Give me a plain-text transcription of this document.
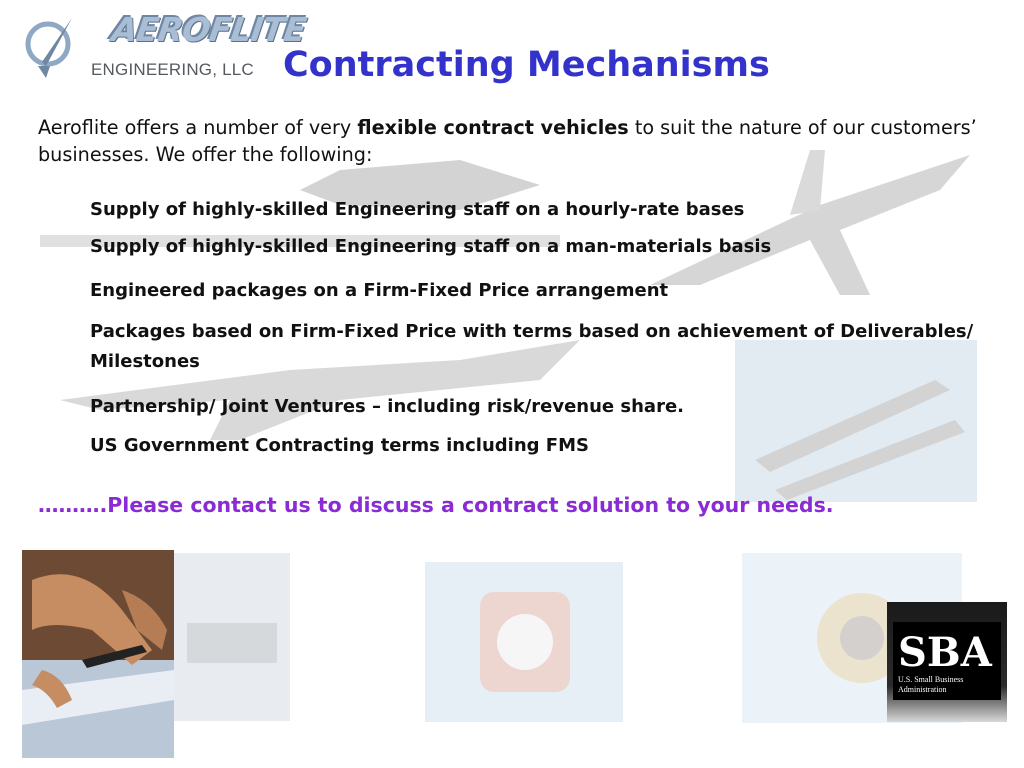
AEROFLITE
ENGINEERING, LLC Contracting Mechanisms
Aeroflite offers a number of very flexible contract vehicles to suit the nature of our customers’ businesses. We offer the following:
Supply of highly-skilled Engineering staff on a hourly-rate bases
Supply of highly-skilled Engineering staff on a man-materials basis
Engineered packages on a Firm-Fixed Price arrangement
Packages based on Firm-Fixed Price with terms based on achievement of Deliverables/ Milestones
Partnership/ Joint Ventures – including risk/revenue share.
US Government Contracting terms including FMS
……….Please contact us to discuss a contract solution to your needs.
SBA
U.S. Small Business
Administration
